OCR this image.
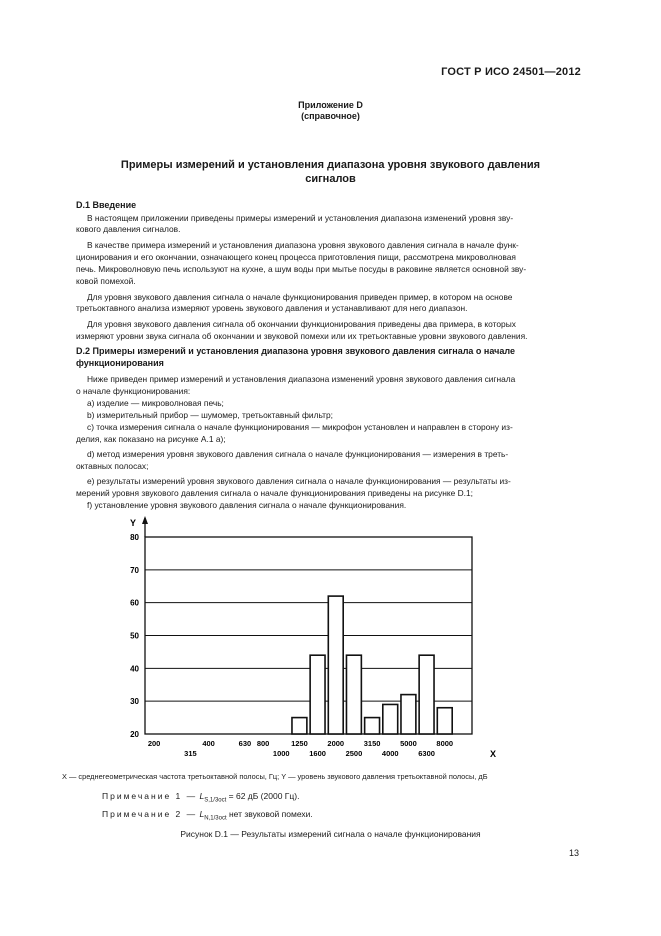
ГОСТ Р ИСО 24501—2012
Приложение D
(справочное)
Примеры измерений и установления диапазона уровня звукового давления
сигналов
D.1 Введение
В настоящем приложении приведены примеры измерений и установления диапазона изменений уровня зву-
кового давления сигналов.
В качестве примера измерений и установления диапазона уровня звукового давления сигнала в начале функ-
ционирования и его окончании, означающего конец процесса приготовления пищи, рассмотрена микроволновая
печь. Микроволновую печь используют на кухне, а шум воды при мытье посуды в раковине является основной зву-
ковой помехой.
Для уровня звукового давления сигнала о начале функционирования приведен пример, в котором на основе
третьоктавного анализа измеряют уровень звукового давления и устанавливают для него диапазон.
Для уровня звукового давления сигнала об окончании функционирования приведены два примера, в которых
измеряют уровни звука сигнала об окончании и звуковой помехи или их третьоктавные уровни звукового давления.
D.2 Примеры измерений и установления диапазона уровня звукового давления сигнала о начале
функционирования
Ниже приведен пример измерений и установления диапазона изменений уровня звукового давления сигнала
о начале функционирования:
a) изделие — микроволновая печь;
b) измерительный прибор — шумомер, третьоктавный фильтр;
c) точка измерения сигнала о начале функционирования — микрофон установлен и направлен в сторону из-
делия, как показано на рисунке А.1 а);
d) метод измерения уровня звукового давления сигнала о начале функционирования — измерения в треть-
октавных полосах;
e) результаты измерений уровня звукового давления сигнала о начале функционирования — результаты из-
мерений уровня звукового давления сигнала о начале функционирования приведены на рисунке D.1;
f) установление уровня звукового давления сигнала о начале функционирования.
20
30
40
50
60
70
80
200
315
400	630 800
1000
1250
1600
2000
2500
3150
4000
5000
6300
8000
Y
X
X — среднегеометрическая частота третьоктавной полосы, Гц; Y — уровень звукового давления третьоктавной полосы, дБ
Примечание 1 — $L_{S,1/3oct} = 62$ дБ (2000 Гц).
Примечание 2 — $L_{N,1/3oct}$ нет звуковой помехи.
Рисунок D.1 — Результаты измерений сигнала о начале функционирования
13
